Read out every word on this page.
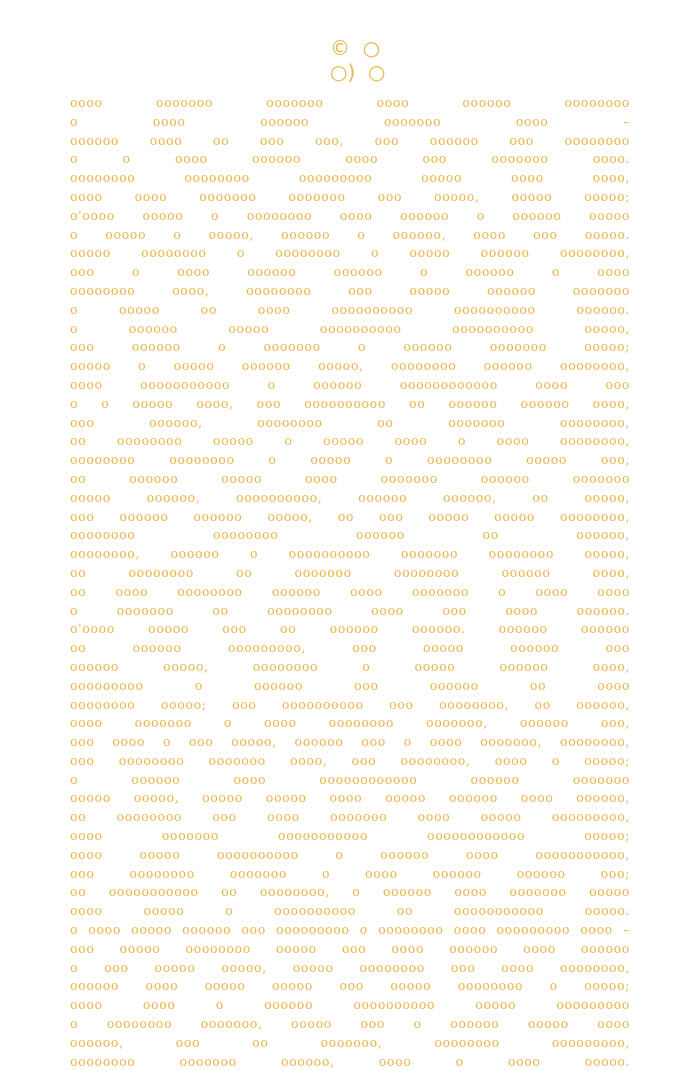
©  ○
○)  ○
oooo ooooooo ooooooo oooo oooooo oooooooo
o oooo oooooo ooooooo oooo –
oooooo oooo oo ooo ooo, ooo oooooo ooo oooooooo
o o oooo oooooo oooo ooo ooooooo oooo.
oooooooo oooooooo ooooooooo ooooo oooo oooo,
oooo oooo ooooooo ooooooo ooo ooooo, ooooo ooooo;
o'oooo ooooo o oooooooo oooo oooooo o oooooo ooooo
o ooooo o ooooo, oooooo o oooooo, oooo ooo ooooo.
ooooo oooooooo o oooooooo o ooooo oooooo oooooooo,
ooo o oooo oooooo oooooo o oooooo o oooo
oooooooo oooo, oooooooo ooo ooooo oooooo ooooooo
o ooooo oo oooo oooooooooo oooooooooo oooooo.
o oooooo ooooo oooooooooo oooooooooo ooooo,
ooo oooooo o ooooooo o oooooo ooooooo ooooo;
ooooo o ooooo oooooo ooooo, oooooooo oooooo oooooooo,
oooo ooooooooooo o oooooo oooooooooooo oooo ooo
o o ooooo oooo, ooo oooooooooo oo oooooo oooooo oooo,
ooo oooooo, oooooooo oo ooooooo oooooooo,
oo oooooooo ooooo o ooooo oooo o oooo oooooooo,
oooooooo oooooooo o ooooo o oooooooo ooooo ooo,
oo oooooo ooooo oooo ooooooo oooooo ooooooo
ooooo oooooo, oooooooooo, oooooo oooooo, oo ooooo,
ooo oooooo oooooo ooooo, oo ooo ooooo ooooo oooooooo,
oooooooo oooooooo oooooo oo oooooo,
oooooooo, oooooo o oooooooooo ooooooo oooooooo ooooo,
oo oooooooo oo ooooooo oooooooo oooooo oooo,
oo oooo oooooooo oooooo oooo ooooooo o oooo oooo
o ooooooo oo oooooooo oooo ooo oooo oooooo.
o'oooo ooooo ooo oo oooooo oooooo. oooooo oooooo
oo oooooo ooooooooo, ooo ooooo oooooo ooo
oooooo ooooo, oooooooo o ooooo oooooo oooo,
ooooooooo o oooooo ooo oooooo oo oooo
oooooooo ooooo; ooo oooooooooo ooo oooooooo, oo oooooo,
oooo ooooooo o oooo oooooooo ooooooo, oooooo ooo,
ooo oooo o ooo ooooo, oooooo ooo o oooo ooooooo, oooooooo,
ooo oooooooo ooooooo oooo, ooo oooooooo, oooo o ooooo;
o oooooo oooo oooooooooooo oooooo ooooooo
ooooo ooooo, ooooo ooooo oooo ooooo oooooo oooo oooooo,
oo oooooooo ooo oooo ooooooo oooo ooooo ooooooooo,
oooo ooooooo ooooooooooo oooooooooooo ooooo;
oooo ooooo oooooooooo o oooooo oooo ooooooooooo,
ooo oooooooo ooooooo o oooo oooooo oooooo ooo;
oo ooooooooooo oo oooooooo, o oooooo oooo ooooooo ooooo
oooo ooooo o oooooooooo oo ooooooooooo ooooo.
o oooo ooooo oooooo ooo ooooooooo o oooooooo oooo ooooooooo oooo –
ooo ooooo oooooooo ooooo ooo oooo oooooo oooo oooooo
o ooo ooooo ooooo, ooooo oooooooo ooo oooo oooooooo,
oooooo oooo ooooo ooooo ooo ooooo oooooooo o ooooo;
oooo oooo o oooooo oooooooooo ooooo ooooooooo
o oooooooo ooooooo, ooooo ooo o oooooo ooooo oooo
oooooo, ooo oo ooooooo, oooooooo ooooooooo,
oooooooo ooooooo oooooo, oooo o oooo ooooo.
